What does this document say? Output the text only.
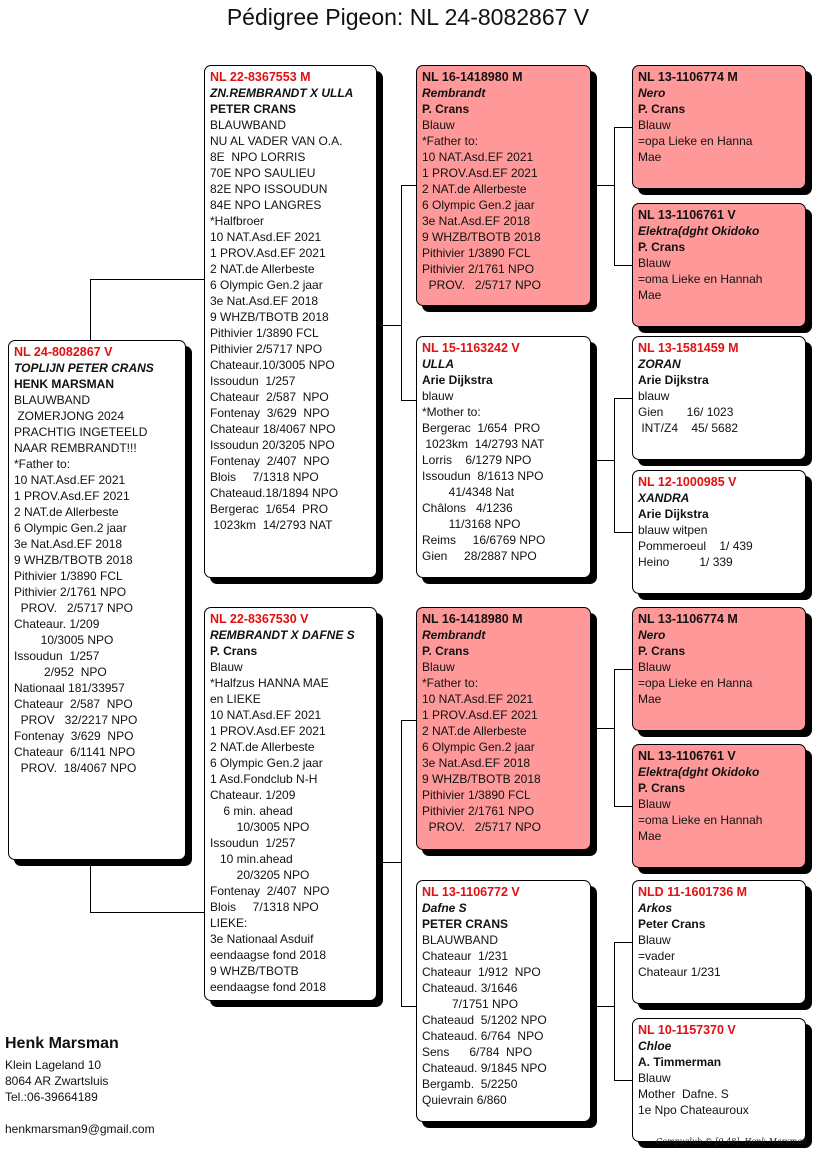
Pédigree Pigeon: NL 24-8082867 V
NL 24-8082867 V
TOPLIJN PETER CRANS
HENK MARSMAN
BLAUWBAND
ZOMERJONG 2024
PRACHTIG INGETEELD
NAAR REMBRANDT!!!
*Father to:
10 NAT.Asd.EF 2021
1 PROV.Asd.EF 2021
2 NAT.de Allerbeste
6 Olympic Gen.2 jaar
3e Nat.Asd.EF 2018
9 WHZB/TBOTB 2018
Pithivier 1/3890 FCL
Pithivier 2/1761 NPO
PROV.   2/5717 NPO
Chateaur. 1/209
10/3005 NPO
Issoudun  1/257
2/952  NPO
Nationaal 181/33957
Chateaur  2/587  NPO
PROV   32/2217 NPO
Fontenay  3/629  NPO
Chateaur  6/1141 NPO
PROV.  18/4067 NPO
NL 22-8367553 M
ZN.REMBRANDT X ULLA
PETER CRANS
BLAUWBAND
NU AL VADER VAN O.A.
8E  NPO LORRIS
70E NPO SAULIEU
82E NPO ISSOUDUN
84E NPO LANGRES
*Halfbroer
10 NAT.Asd.EF 2021
1 PROV.Asd.EF 2021
2 NAT.de Allerbeste
6 Olympic Gen.2 jaar
3e Nat.Asd.EF 2018
9 WHZB/TBOTB 2018
Pithivier 1/3890 FCL
Pithivier 2/5717 NPO
Chateaur.10/3005 NPO
Issoudun  1/257
Chateaur  2/587  NPO
Fontenay  3/629  NPO
Chateaur 18/4067 NPO
Issoudun 20/3205 NPO
Fontenay  2/407  NPO
Blois     7/1318 NPO
Chateaud.18/1894 NPO
Bergerac  1/654  PRO
1023km  14/2793 NAT
NL 22-8367530 V
REMBRANDT X DAFNE S
P. Crans
Blauw
*Halfzus HANNA MAE
en LIEKE
10 NAT.Asd.EF 2021
1 PROV.Asd.EF 2021
2 NAT.de Allerbeste
6 Olympic Gen.2 jaar
1 Asd.Fondclub N-H
Chateaur. 1/209
6 min. ahead
10/3005 NPO
Issoudun  1/257
10 min.ahead
20/3205 NPO
Fontenay  2/407  NPO
Blois     7/1318 NPO
LIEKE:
3e Nationaal Asduif
eendaagse fond 2018
9 WHZB/TBOTB
eendaagse fond 2018
NL 16-1418980 M
Rembrandt
P. Crans
Blauw
*Father to:
10 NAT.Asd.EF 2021
1 PROV.Asd.EF 2021
2 NAT.de Allerbeste
6 Olympic Gen.2 jaar
3e Nat.Asd.EF 2018
9 WHZB/TBOTB 2018
Pithivier 1/3890 FCL
Pithivier 2/1761 NPO
PROV.   2/5717 NPO
NL 15-1163242 V
ULLA
Arie Dijkstra
blauw
*Mother to:
Bergerac  1/654  PRO
1023km  14/2793 NAT
Lorris    6/1279 NPO
Issoudun  8/1613 NPO
41/4348 Nat
Châlons   4/1236
11/3168 NPO
Reims     16/6769 NPO
Gien     28/2887 NPO
NL 16-1418980 M
Rembrandt
P. Crans
Blauw
*Father to:
10 NAT.Asd.EF 2021
1 PROV.Asd.EF 2021
2 NAT.de Allerbeste
6 Olympic Gen.2 jaar
3e Nat.Asd.EF 2018
9 WHZB/TBOTB 2018
Pithivier 1/3890 FCL
Pithivier 2/1761 NPO
PROV.   2/5717 NPO
NL 13-1106772 V
Dafne S
PETER CRANS
BLAUWBAND
Chateaur  1/231
Chateaur  1/912  NPO
Chateaud. 3/1646
7/1751 NPO
Chateaud  5/1202 NPO
Chateaud. 6/764  NPO
Sens      6/784  NPO
Chateaud. 9/1845 NPO
Bergamb.  5/2250
Quievrain 6/860
NL 13-1106774 M
Nero
P. Crans
Blauw
=opa Lieke en Hanna
Mae
NL 13-1106761 V
Elektra(dght Okidoko
P. Crans
Blauw
=oma Lieke en Hannah
Mae
NL 13-1581459 M
ZORAN
Arie Dijkstra
blauw
Gien       16/ 1023
INT/Z4    45/ 5682
NL 12-1000985 V
XANDRA
Arie Dijkstra
blauw witpen
Pommeroeul    1/ 439
Heino         1/ 339
NL 13-1106774 M
Nero
P. Crans
Blauw
=opa Lieke en Hanna
Mae
NL 13-1106761 V
Elektra(dght Okidoko
P. Crans
Blauw
=oma Lieke en Hannah
Mae
NLD 11-1601736 M
Arkos
Peter Crans
Blauw
=vader
Chateaur 1/231
NL 10-1157370 V
Chloe
A. Timmerman
Blauw
Mother  Dafne. S
1e Npo Chateauroux
Henk Marsman
Klein Lageland 10
8064 AR Zwartsluis
Tel.:06-39664189
henkmarsman9@gmail.com
Compuclub © [9.48]  Henk Marsman
